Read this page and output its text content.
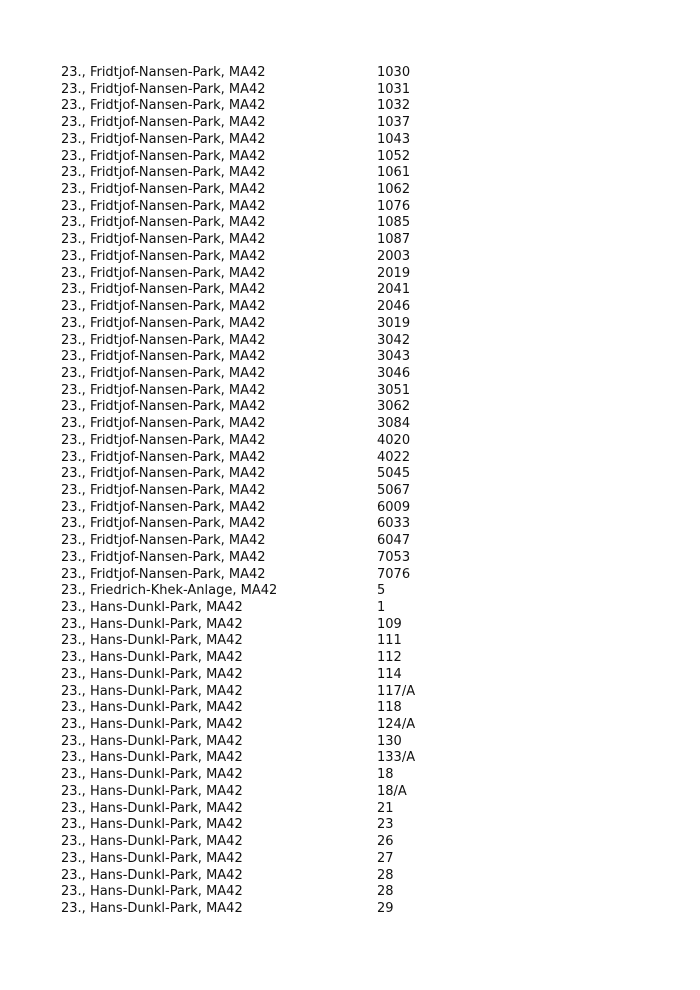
23., Fridtjof-Nansen-Park, MA42	1030
23., Fridtjof-Nansen-Park, MA42	1031
23., Fridtjof-Nansen-Park, MA42	1032
23., Fridtjof-Nansen-Park, MA42	1037
23., Fridtjof-Nansen-Park, MA42	1043
23., Fridtjof-Nansen-Park, MA42	1052
23., Fridtjof-Nansen-Park, MA42	1061
23., Fridtjof-Nansen-Park, MA42	1062
23., Fridtjof-Nansen-Park, MA42	1076
23., Fridtjof-Nansen-Park, MA42	1085
23., Fridtjof-Nansen-Park, MA42	1087
23., Fridtjof-Nansen-Park, MA42	2003
23., Fridtjof-Nansen-Park, MA42	2019
23., Fridtjof-Nansen-Park, MA42	2041
23., Fridtjof-Nansen-Park, MA42	2046
23., Fridtjof-Nansen-Park, MA42	3019
23., Fridtjof-Nansen-Park, MA42	3042
23., Fridtjof-Nansen-Park, MA42	3043
23., Fridtjof-Nansen-Park, MA42	3046
23., Fridtjof-Nansen-Park, MA42	3051
23., Fridtjof-Nansen-Park, MA42	3062
23., Fridtjof-Nansen-Park, MA42	3084
23., Fridtjof-Nansen-Park, MA42	4020
23., Fridtjof-Nansen-Park, MA42	4022
23., Fridtjof-Nansen-Park, MA42	5045
23., Fridtjof-Nansen-Park, MA42	5067
23., Fridtjof-Nansen-Park, MA42	6009
23., Fridtjof-Nansen-Park, MA42	6033
23., Fridtjof-Nansen-Park, MA42	6047
23., Fridtjof-Nansen-Park, MA42	7053
23., Fridtjof-Nansen-Park, MA42	7076
23., Friedrich-Khek-Anlage, MA42	5
23., Hans-Dunkl-Park, MA42	1
23., Hans-Dunkl-Park, MA42	109
23., Hans-Dunkl-Park, MA42	111
23., Hans-Dunkl-Park, MA42	112
23., Hans-Dunkl-Park, MA42	114
23., Hans-Dunkl-Park, MA42	117/A
23., Hans-Dunkl-Park, MA42	118
23., Hans-Dunkl-Park, MA42	124/A
23., Hans-Dunkl-Park, MA42	130
23., Hans-Dunkl-Park, MA42	133/A
23., Hans-Dunkl-Park, MA42	18
23., Hans-Dunkl-Park, MA42	18/A
23., Hans-Dunkl-Park, MA42	21
23., Hans-Dunkl-Park, MA42	23
23., Hans-Dunkl-Park, MA42	26
23., Hans-Dunkl-Park, MA42	27
23., Hans-Dunkl-Park, MA42	28
23., Hans-Dunkl-Park, MA42	28
23., Hans-Dunkl-Park, MA42	29
